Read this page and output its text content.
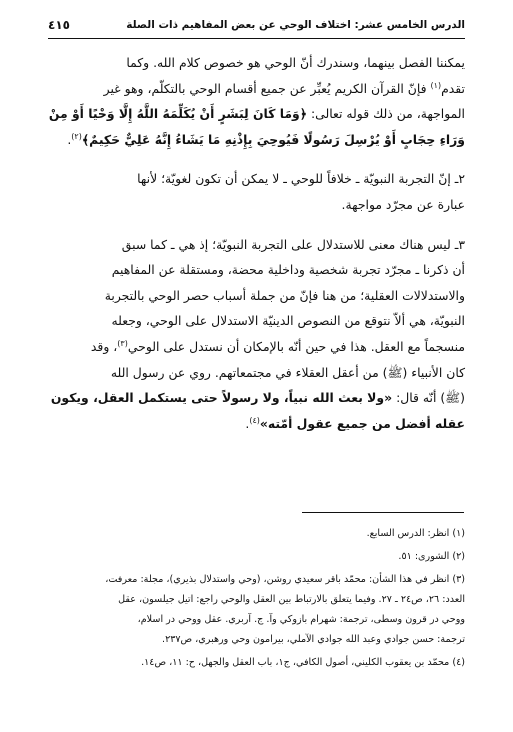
الدرس الخامس عشر: اختلاف الوحي عن بعض المفاهيم ذات الصلة
٤١٥

يمكننا الفصل بينهما، وسندرك أنّ الوحي هو خصوص كلام الله. وكما
تقدم$^{(١)}$ فإنّ القرآن الكريم يُعبِّر عن جميع أقسام الوحي بالتكلّم، وهو غير
المواجهة، من ذلك قوله تعالى: ﴿وَمَا كَانَ لِبَشَرٍ أَنْ يُكَلِّمَهُ اللَّهُ إِلَّا وَحْيًا أَوْ مِنْ
وَرَاءِ حِجَابٍ أَوْ يُرْسِلَ رَسُولًا فَيُوحِيَ بِإِذْنِهِ مَا يَشَاءُ إِنَّهُ عَلِيٌّ حَكِيمٌ﴾$^{(٢)}$.

٢ـ إنّ التجربة النبويّة ـ خلافاً للوحي ـ لا يمكن أن تكون لغويّة؛ لأنها
عبارة عن مجرّد مواجهة.

٣ـ ليس هناك معنى للاستدلال على التجربة النبويّة؛ إذ هي ـ كما سبق
أن ذكرنا ـ مجرّد تجربة شخصية وداخلية محضة، ومستقلة عن المفاهيم
والاستدلالات العقلية؛ من هنا فإنّ من جملة أسباب حصر الوحي بالتجربة
النبويّة، هي ألاّ نتوقع من النصوص الدينيّة الاستدلال على الوحي، وجعله
منسجماً مع العقل. هذا في حين أنّه بالإمكان أن نستدل على الوحي$^{(٣)}$، وقد
كان الأنبياء (ﷺ) من أعقل العقلاء في مجتمعاتهم. روي عن رسول الله
(ﷺ) أنّه قال: «ولا بعث الله نبياً، ولا رسولاً حتى يستكمل العقل، ويكون
عقله أفضل من جميع عقول أمّته»$^{(٤)}$.

(١) انظر: الدرس السابع.
(٢) الشورى: ٥١.
(٣) انظر في هذا الشأن: محمّد باقر سعيدي روشن، (وحي واستدلال بذيري)، مجلة: معرفت،
العدد: ٢٦، ص٢٤ ـ ٢٧. وفيما يتعلق بالارتباط بين العقل والوحي راجع: اتيل جيلسون، عقل
ووحي در قرون وسطى، ترجمة: شهرام بازوكي وآ. ج. آربري. عقل ووحي در اسلام،
ترجمة: حسن جوادي وعبد الله جوادي الآملي، بيرامون وحي ورهبري، ص٢٣٧.
(٤) محمّد بن يعقوب الكليني، أصول الكافي، ج١، باب العقل والجهل، ح: ١١، ص١٤.
